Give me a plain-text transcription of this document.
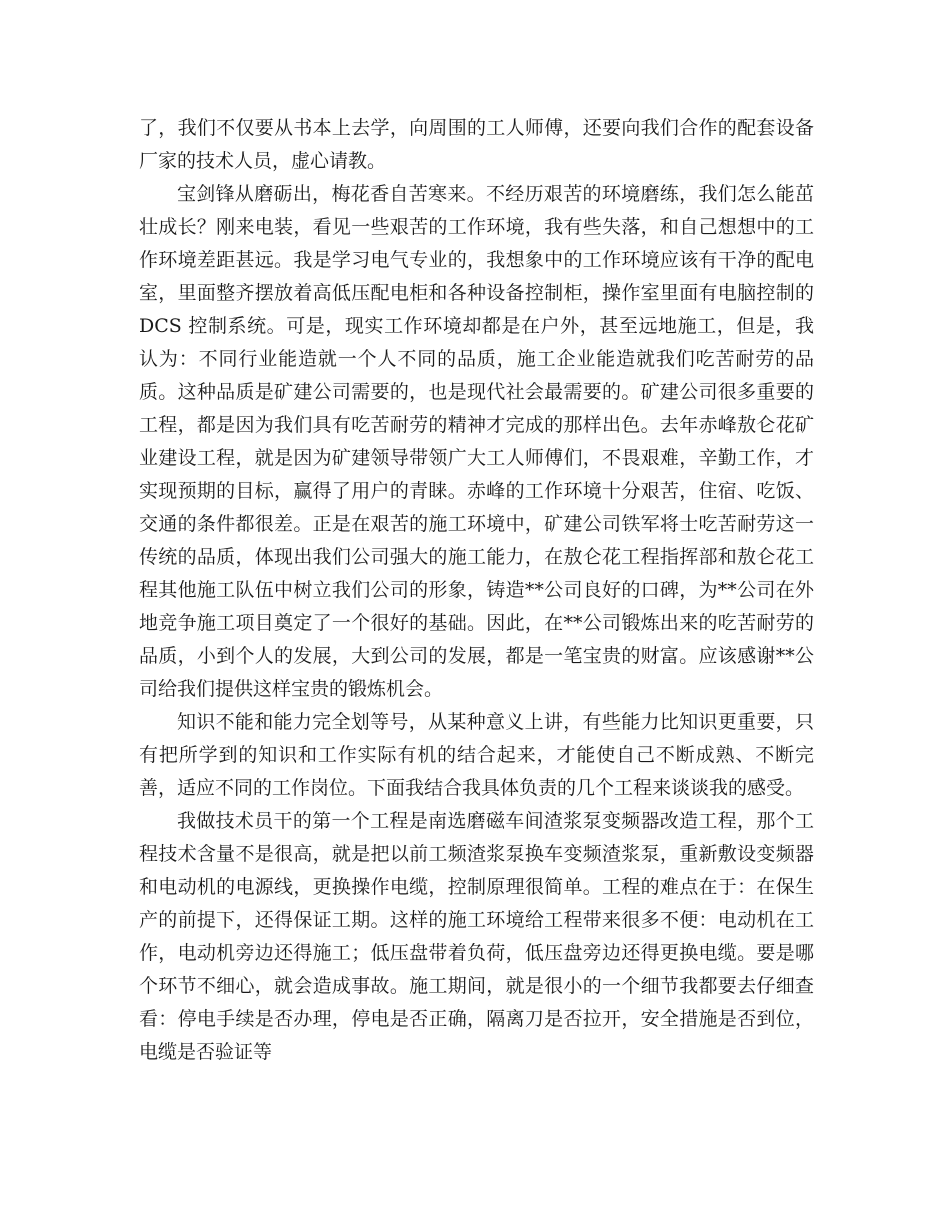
了，我们不仅要从书本上去学，向周围的工人师傅，还要向我们合作的配套设备厂家的技术人员，虚心请教。

宝剑锋从磨砺出，梅花香自苦寒来。不经历艰苦的环境磨练，我们怎么能茁壮成长？刚来电装，看见一些艰苦的工作环境，我有些失落，和自己想想中的工作环境差距甚远。我是学习电气专业的，我想象中的工作环境应该有干净的配电室，里面整齐摆放着高低压配电柜和各种设备控制柜，操作室里面有电脑控制的 DCS 控制系统。可是，现实工作环境却都是在户外，甚至远地施工，但是，我认为：不同行业能造就一个人不同的品质，施工企业能造就我们吃苦耐劳的品质。这种品质是矿建公司需要的，也是现代社会最需要的。矿建公司很多重要的工程，都是因为我们具有吃苦耐劳的精神才完成的那样出色。去年赤峰敖仑花矿业建设工程，就是因为矿建领导带领广大工人师傅们，不畏艰难，辛勤工作，才实现预期的目标，赢得了用户的青睐。赤峰的工作环境十分艰苦，住宿、吃饭、交通的条件都很差。正是在艰苦的施工环境中，矿建公司铁军将士吃苦耐劳这一传统的品质，体现出我们公司强大的施工能力，在敖仑花工程指挥部和敖仑花工程其他施工队伍中树立我们公司的形象，铸造**公司良好的口碑，为**公司在外地竞争施工项目奠定了一个很好的基础。因此，在**公司锻炼出来的吃苦耐劳的品质，小到个人的发展，大到公司的发展，都是一笔宝贵的财富。应该感谢**公司给我们提供这样宝贵的锻炼机会。

知识不能和能力完全划等号，从某种意义上讲，有些能力比知识更重要，只有把所学到的知识和工作实际有机的结合起来，才能使自己不断成熟、不断完善，适应不同的工作岗位。下面我结合我具体负责的几个工程来谈谈我的感受。

我做技术员干的第一个工程是南选磨磁车间渣浆泵变频器改造工程，那个工程技术含量不是很高，就是把以前工频渣浆泵换车变频渣浆泵，重新敷设变频器和电动机的电源线，更换操作电缆，控制原理很简单。工程的难点在于：在保生产的前提下，还得保证工期。这样的施工环境给工程带来很多不便：电动机在工作，电动机旁边还得施工；低压盘带着负荷，低压盘旁边还得更换电缆。要是哪个环节不细心，就会造成事故。施工期间，就是很小的一个细节我都要去仔细查看：停电手续是否办理，停电是否正确，隔离刀是否拉开，安全措施是否到位，电缆是否验证等
